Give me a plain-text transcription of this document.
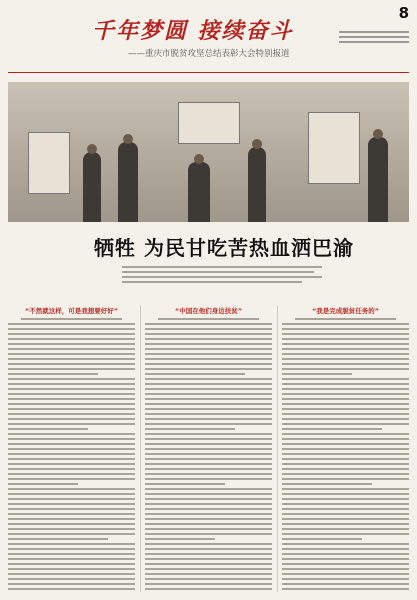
千年梦圆 接续奋斗
——重庆市脱贫攻坚总结表彰大会特别报道
8
牺牲 为民甘吃苦热血洒巴渝
“不然就这样，可是我想要好好”	“中国在他们身边扶贫”	“我是完成脱贫任务的”
